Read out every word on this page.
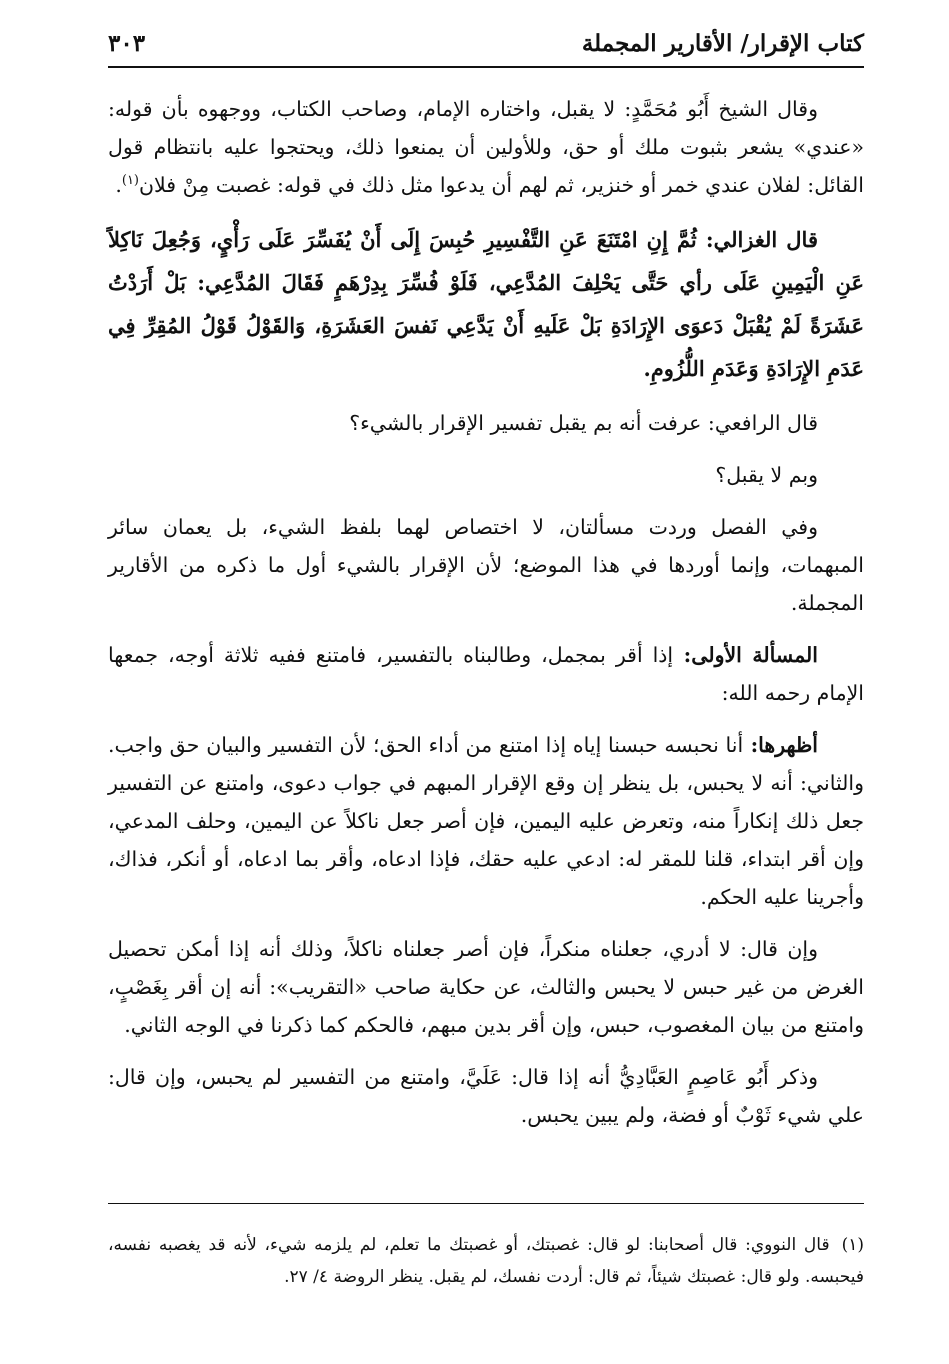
كتاب الإقرار/ الأقارير المجملة
٣٠٣

وقال الشيخ أَبُو مُحَمَّدٍ: لا يقبل، واختاره الإمام، وصاحب الكتاب، ووجهوه بأن قوله: «عندي» يشعر بثبوت ملك أو حق، وللأولين أن يمنعوا ذلك، ويحتجوا عليه بانتظام قول القائل: لفلان عندي خمر أو خنزير، ثم لهم أن يدعوا مثل ذلك في قوله: غصبت مِنْ فلان$^{(١)}$.

قال الغزالي: ثُمَّ إِنِ امْتَنَعَ عَنِ التَّفْسِيرِ حُبِسَ إِلَى أَنْ يُفَسِّرَ عَلَى رَأْيٍ، وَجُعِلَ نَاكِلاً عَنِ الْيَمِينِ عَلَى رأي حَتَّى يَحْلِفَ المُدَّعِي، فَلَوْ فُسِّرَ بِدِرْهَمٍ فَقَالَ المُدَّعِي: بَلْ أَرَدْتُ عَشَرَةً لَمْ يُقْبَلْ دَعوَى الإِرَادَةِ بَلْ عَلَيهِ أَنْ يَدَّعِي نَفسَ العَشَرَةِ، وَالقَوْلُ قَوْلُ المُقِرِّ فِي عَدَمِ الإِرَادَةِ وَعَدَمِ اللُّزُومِ.

قال الرافعي: عرفت أنه بم يقبل تفسير الإقرار بالشيء؟

وبم لا يقبل؟

وفي الفصل وردت مسألتان، لا اختصاص لهما بلفظ الشيء، بل يعمان سائر المبهمات، وإنما أوردها في هذا الموضع؛ لأن الإقرار بالشيء أول ما ذكره من الأقارير المجملة.

المسألة الأولى: إذا أقر بمجمل، وطالبناه بالتفسير، فامتنع ففيه ثلاثة أوجه، جمعها الإمام رحمه الله:

أظهرها: أنا نحبسه حبسنا إياه إذا امتنع من أداء الحق؛ لأن التفسير والبيان حق واجب. والثاني: أنه لا يحبس، بل ينظر إن وقع الإقرار المبهم في جواب دعوى، وامتنع عن التفسير جعل ذلك إنكاراً منه، وتعرض عليه اليمين، فإن أصر جعل ناكلاً عن اليمين، وحلف المدعي، وإن أقر ابتداء، قلنا للمقر له: ادعي عليه حقك، فإذا ادعاه، وأقر بما ادعاه، أو أنكر، فذاك، وأجرينا عليه الحكم.

وإن قال: لا أدري، جعلناه منكراً، فإن أصر جعلناه ناكلاً، وذلك أنه إذا أمكن تحصيل الغرض من غير حبس لا يحبس والثالث، عن حكاية صاحب «التقريب»: أنه إن أقر بِغَصْبٍ، وامتنع من بيان المغصوب، حبس، وإن أقر بدين مبهم، فالحكم كما ذكرنا في الوجه الثاني.

وذكر أَبُو عَاصِمٍ العَبَّادِيُّ أنه إذا قال: عَلَيَّ، وامتنع من التفسير لم يحبس، وإن قال: علي شيء ثَوْبٌ أو فضة، ولم يبين يحبس.

(١)قال النووي: قال أصحابنا: لو قال: غصبتك، أو غصبتك ما تعلم، لم يلزمه شيء، لأنه قد يغصبه نفسه، فيحبسه. ولو قال: غصبتك شيئاً، ثم قال: أردت نفسك، لم يقبل. ينظر الروضة ٤/ ٢٧.
